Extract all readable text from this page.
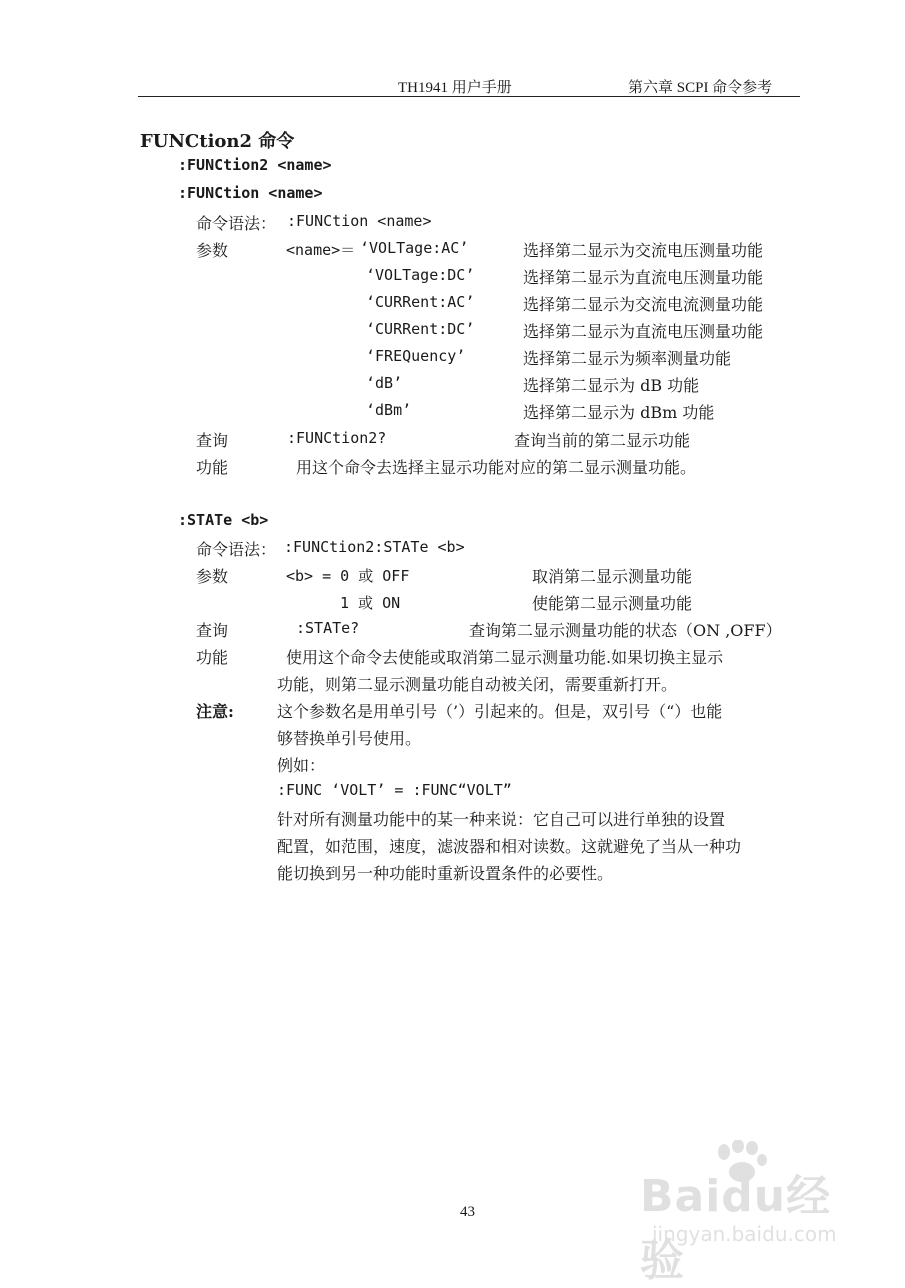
TH1941 用户手册	第六章 SCPI 命令参考
FUNCtion2 命令
:FUNCtion2 <name>
:FUNCtion <name>
命令语法： :FUNCtion <name>
参数	<name>＝ ‘VOLTage:AC’	选择第二显示为交流电压测量功能
‘VOLTage:DC’	选择第二显示为直流电压测量功能
‘CURRent:AC’	选择第二显示为交流电流测量功能
‘CURRent:DC’	选择第二显示为直流电压测量功能
‘FREQuency’	选择第二显示为频率测量功能
‘dB’	选择第二显示为 dB 功能
‘dBm’	选择第二显示为 dBm 功能
查询	:FUNCtion2?	查询当前的第二显示功能
功能	用这个命令去选择主显示功能对应的第二显示测量功能。
:STATe <b>
命令语法： :FUNCtion2:STATe <b>
参数	<b> = 0 或 OFF	取消第二显示测量功能
1 或 ON	使能第二显示测量功能
查询	:STATe?	查询第二显示测量功能的状态（ON ,OFF）
功能	使用这个命令去使能或取消第二显示测量功能.如果切换主显示
功能，则第二显示测量功能自动被关闭，需要重新打开。
注意:	这个参数名是用单引号（’）引起来的。但是，双引号（“）也能
够替换单引号使用。
例如：
:FUNC ‘VOLT’ = :FUNC“VOLT”
针对所有测量功能中的某一种来说：它自己可以进行单独的设置
配置，如范围，速度，滤波器和相对读数。这就避免了当从一种功
能切换到另一种功能时重新设置条件的必要性。
43	Baidu经验
jingyan.baidu.com
